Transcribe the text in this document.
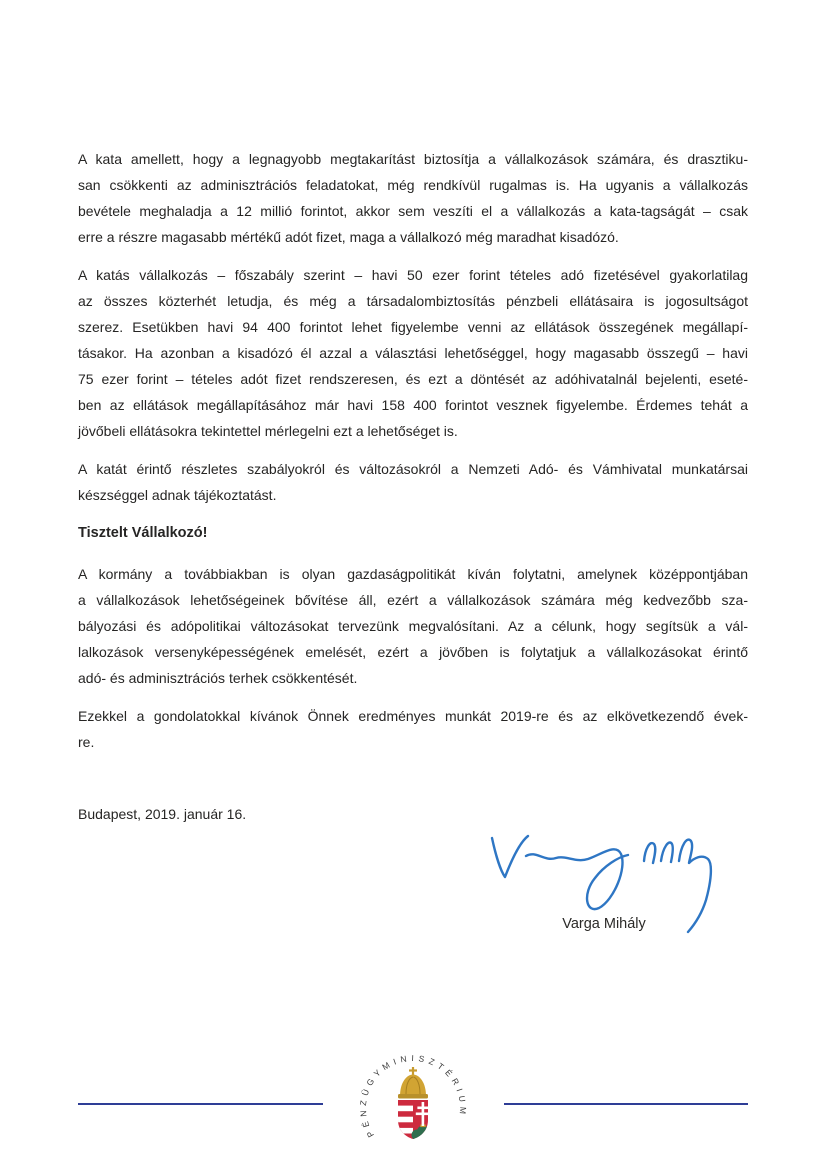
A kata amellett, hogy a legnagyobb megtakarítást biztosítja a vállalkozások számára, és drasztiku-
san csökkenti az adminisztrációs feladatokat, még rendkívül rugalmas is. Ha ugyanis a vállalkozás
bevétele meghaladja a 12 millió forintot, akkor sem veszíti el a vállalkozás a kata-tagságát – csak
erre a részre magasabb mértékű adót fizet, maga a vállalkozó még maradhat kisadózó.
A katás vállalkozás – főszabály szerint – havi 50 ezer forint tételes adó fizetésével gyakorlatilag
az összes közterhét letudja, és még a társadalombiztosítás pénzbeli ellátásaira is jogosultságot
szerez. Esetükben havi 94 400 forintot lehet figyelembe venni az ellátások összegének megállapí-
tásakor. Ha azonban a kisadózó él azzal a választási lehetőséggel, hogy magasabb összegű – havi
75 ezer forint – tételes adót fizet rendszeresen, és ezt a döntését az adóhivatalnál bejelenti, eseté-
ben az ellátások megállapításához már havi 158 400 forintot vesznek figyelembe. Érdemes tehát a
jövőbeli ellátásokra tekintettel mérlegelni ezt a lehetőséget is.
A katát érintő részletes szabályokról és változásokról a Nemzeti Adó- és Vámhivatal munkatársai
készséggel adnak tájékoztatást.
Tisztelt Vállalkozó!
A kormány a továbbiakban is olyan gazdaságpolitikát kíván folytatni, amelynek középpontjában
a vállalkozások lehetőségeinek bővítése áll, ezért a vállalkozások számára még kedvezőbb sza-
bályozási és adópolitikai változásokat tervezünk megvalósítani. Az a célunk, hogy segítsük a vál-
lalkozások versenyképességének emelését, ezért a jövőben is folytatjuk a vállalkozásokat érintő
adó- és adminisztrációs terhek csökkentését.
Ezekkel a gondolatokkal kívánok Önnek eredményes munkát 2019-re és az elkövetkezendő évek-
re.
Budapest, 2019. január 16.
Varga Mihály
PÉNZÜGYMINISZTÉRIUM
